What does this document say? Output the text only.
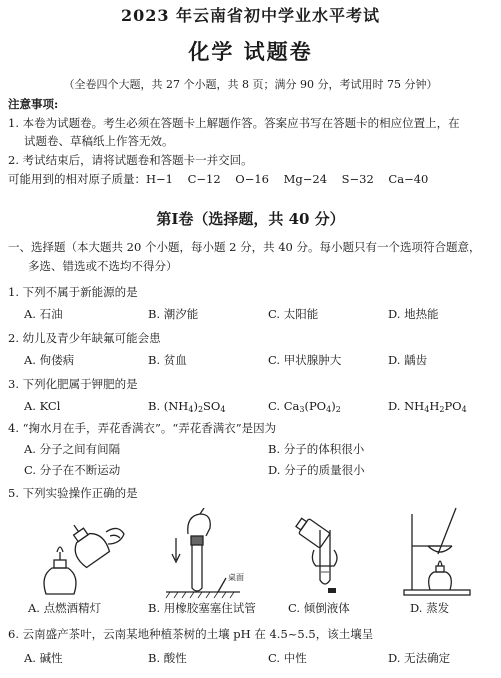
2023 年云南省初中学业水平考试
化学 试题卷
（全卷四个大题，共 27 个小题，共 8 页；满分 90 分，考试用时 75 分钟）
注意事项:
1. 本卷为试题卷。考生必须在答题卡上解题作答。答案应书写在答题卡的相应位置上，在
试题卷、草稿纸上作答无效。
2. 考试结束后，请将试题卷和答题卡一并交回。
可能用到的相对原子质量：H−1    C−12    O−16    Mg−24    S−32    Ca−40
第Ⅰ卷（选择题，共 40 分）
一、选择题（本大题共 20 个小题，每小题 2 分，共 40 分。每小题只有一个选项符合题意，
多选、错选或不选均不得分）
1. 下列不属于新能源的是
A. 石油	B. 潮汐能	C. 太阳能	D. 地热能
2. 幼儿及青少年缺氟可能会患
A. 佝偻病	B. 贫血	C. 甲状腺肿大	D. 龋齿
3. 下列化肥属于钾肥的是
A. KCl	B. $(NH_4)_2SO_4$	C. $Ca_3(PO_4)_2$	D. $NH_4H_2PO_4$
4. “掬水月在手，弄花香满衣”。“弄花香满衣”是因为
A. 分子之间有间隔	B. 分子的体积很小
C. 分子在不断运动	D. 分子的质量很小
5. 下列实验操作正确的是
A. 点燃酒精灯
桌面
B. 用橡胶塞塞住试管	C. 倾倒液体	D. 蒸发
6. 云南盛产茶叶，云南某地种植茶树的土壤 pH 在 4.5~5.5，该土壤呈
A. 碱性	B. 酸性	C. 中性	D. 无法确定
